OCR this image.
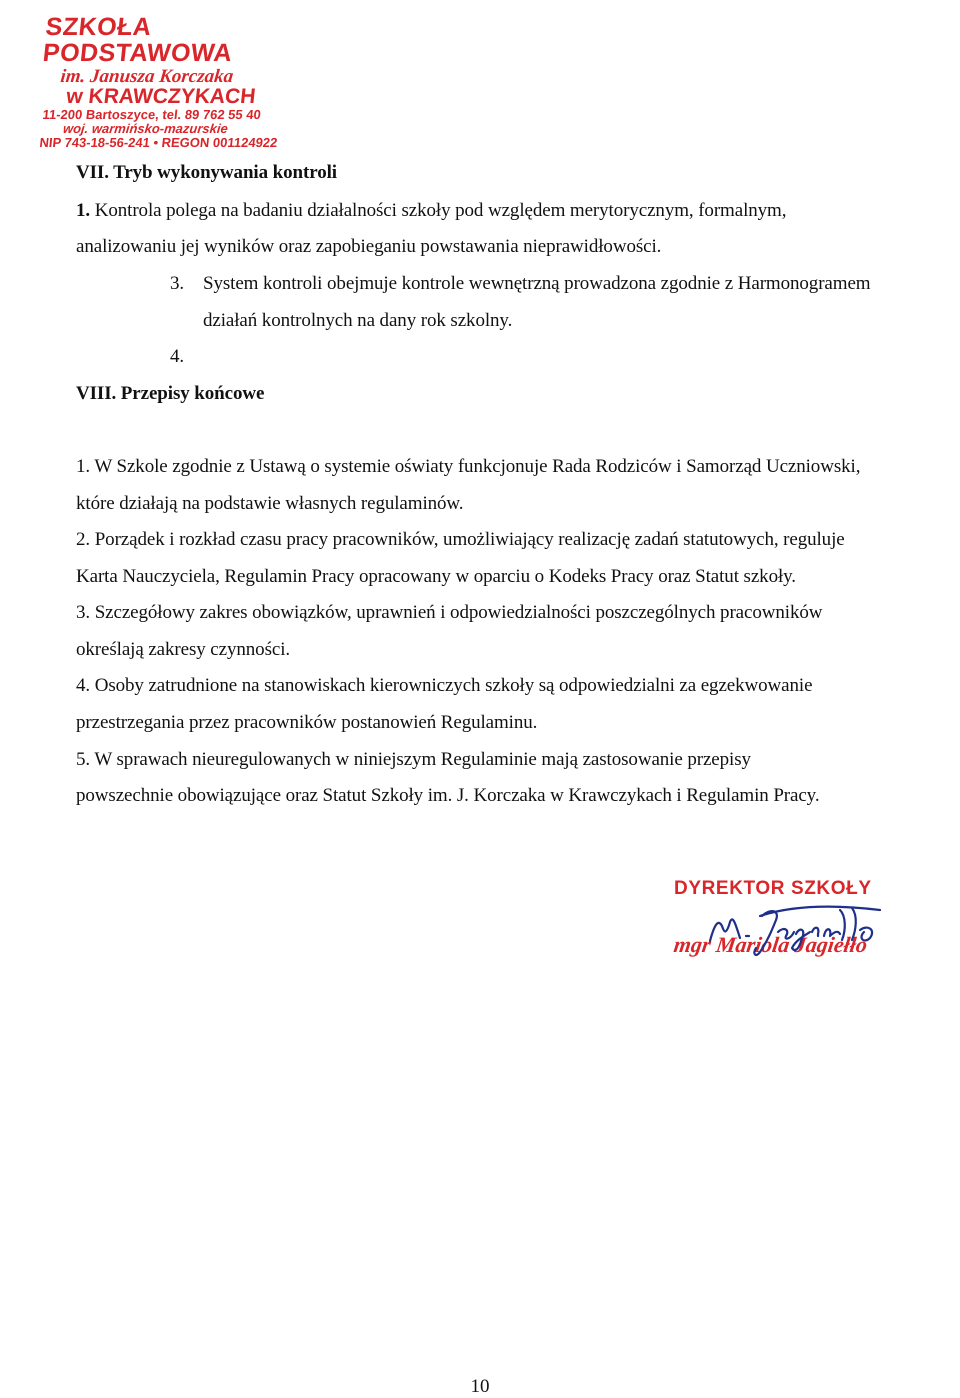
SZKOŁA PODSTAWOWA
im. Janusza Korczaka
w KRAWCZYKACH
11-200 Bartoszyce, tel. 89 762 55 40
woj. warmińsko-mazurskie
NIP 743-18-56-241 • REGON 001124922
VII. Tryb wykonywania kontroli
1. Kontrola polega na badaniu działalności szkoły pod względem merytorycznym, formalnym,
analizowaniu jej wyników oraz zapobieganiu powstawania nieprawidłowości.
3. System kontroli obejmuje kontrole wewnętrzną prowadzona zgodnie z Harmonogramem
działań kontrolnych na dany rok szkolny.
4.
VIII. Przepisy końcowe
1. W Szkole zgodnie z Ustawą o systemie oświaty funkcjonuje Rada Rodziców i Samorząd Uczniowski,
które działają na podstawie własnych regulaminów.
2. Porządek i rozkład czasu pracy pracowników, umożliwiający realizację zadań statutowych, reguluje
Karta Nauczyciela, Regulamin Pracy opracowany w oparciu o Kodeks Pracy oraz Statut szkoły.
3. Szczegółowy zakres obowiązków, uprawnień i odpowiedzialności poszczególnych pracowników
określają zakresy czynności.
4. Osoby zatrudnione na stanowiskach kierowniczych szkoły są odpowiedzialni za egzekwowanie
przestrzegania przez pracowników postanowień Regulaminu.
5. W sprawach nieuregulowanych w niniejszym Regulaminie mają zastosowanie przepisy
powszechnie obowiązujące oraz Statut Szkoły im. J. Korczaka w Krawczykach i Regulamin Pracy.
DYREKTOR SZKOŁY
mgr Mariola Jagiełło
10
